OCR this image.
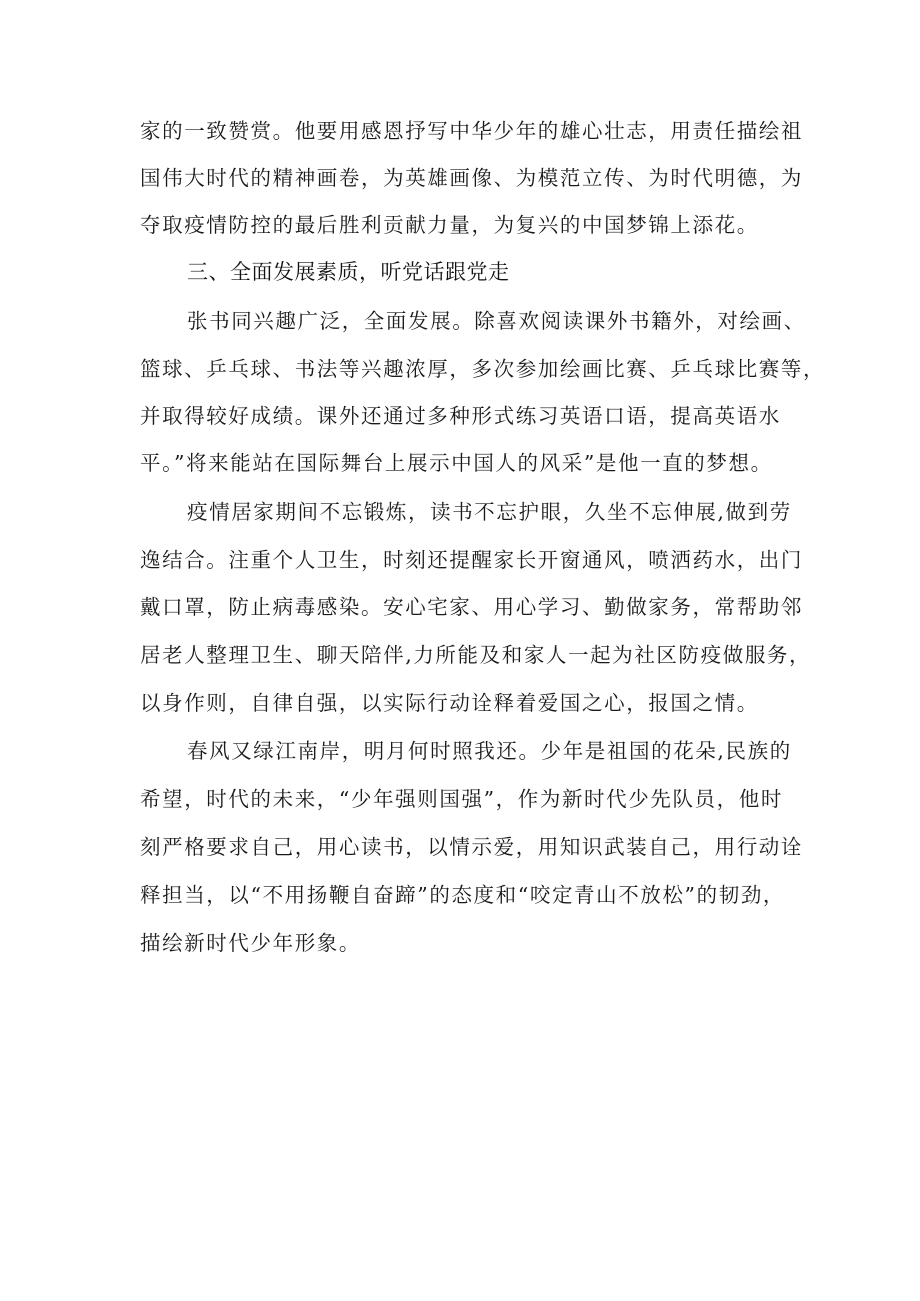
家的一致赞赏。他要用感恩抒写中华少年的雄心壮志，用责任描绘祖
国伟大时代的精神画卷，为英雄画像、为模范立传、为时代明德，为
夺取疫情防控的最后胜利贡献力量，为复兴的中国梦锦上添花。
三、全面发展素质，听党话跟党走
张书同兴趣广泛，全面发展。除喜欢阅读课外书籍外，对绘画、
篮球、乒乓球、书法等兴趣浓厚，多次参加绘画比赛、乒乓球比赛等，
并取得较好成绩。课外还通过多种形式练习英语口语，提高英语水
平。”将来能站在国际舞台上展示中国人的风采”是他一直的梦想。
疫情居家期间不忘锻炼，读书不忘护眼，久坐不忘伸展,做到劳
逸结合。注重个人卫生，时刻还提醒家长开窗通风，喷洒药水，出门
戴口罩，防止病毒感染。安心宅家、用心学习、勤做家务，常帮助邻
居老人整理卫生、聊天陪伴,力所能及和家人一起为社区防疫做服务，
以身作则，自律自强，以实际行动诠释着爱国之心，报国之情。
春风又绿江南岸，明月何时照我还。少年是祖国的花朵,民族的
希望，时代的未来，“少年强则国强”，作为新时代少先队员，他时
刻严格要求自己，用心读书，以情示爱，用知识武装自己，用行动诠
释担当，以“不用扬鞭自奋蹄”的态度和“咬定青山不放松”的韧劲，
描绘新时代少年形象。
